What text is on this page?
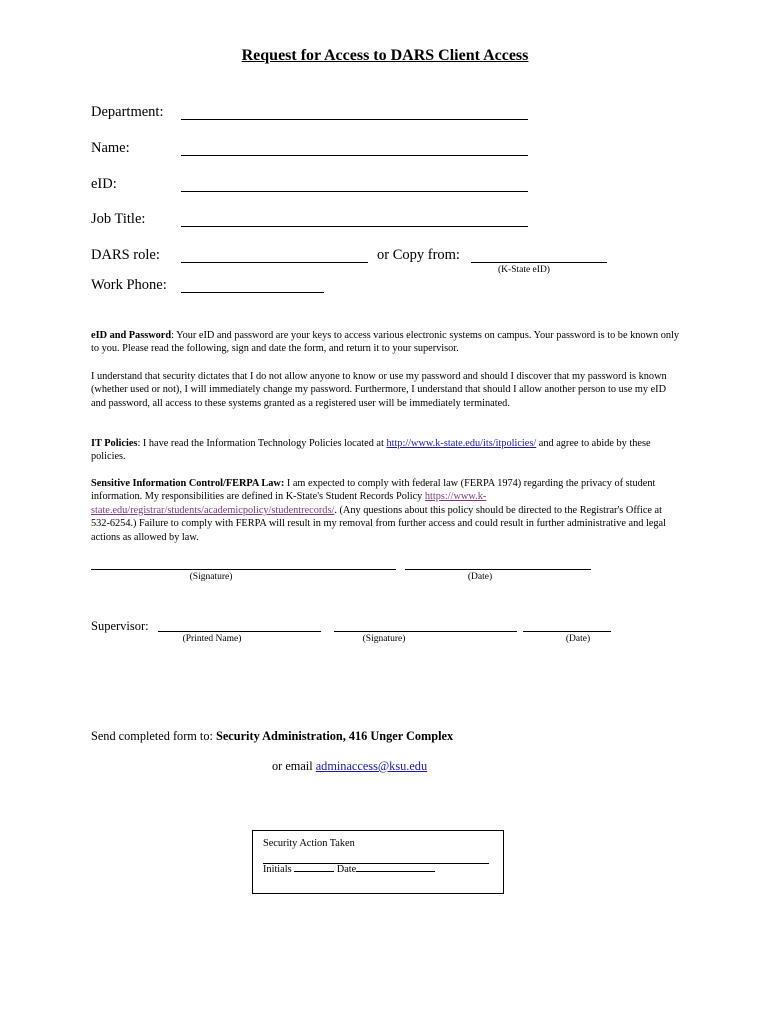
Request for Access to DARS Client Access
Department:
Name:
eID:
Job Title:
DARS role:	or Copy from:
(K-State eID)
Work Phone:
eID and Password: Your eID and password are your keys to access various electronic systems on campus. Your password is to be known only to you. Please read the following, sign and date the form, and return it to your supervisor.
I understand that security dictates that I do not allow anyone to know or use my password and should I discover that my password is known (whether used or not), I will immediately change my password. Furthermore, I understand that should I allow another person to use my eID and password, all access to these systems granted as a registered user will be immediately terminated.
IT Policies: I have read the Information Technology Policies located at http://www.k-state.edu/its/itpolicies/ and agree to abide by these policies.
Sensitive Information Control/FERPA Law: I am expected to comply with federal law (FERPA 1974) regarding the privacy of student information. My responsibilities are defined in K-State's Student Records Policy https://www.k-state.edu/registrar/students/academicpolicy/studentrecords/. (Any questions about this policy should be directed to the Registrar's Office at 532-6254.) Failure to comply with FERPA will result in my removal from further access and could result in further administrative and legal actions as allowed by law.
(Signature)	(Date)
Supervisor:
(Printed Name)	(Signature)	(Date)
Send completed form to: Security Administration, 416 Unger Complex
or email adminaccess@ksu.edu
Security Action Taken
Initials	Date
